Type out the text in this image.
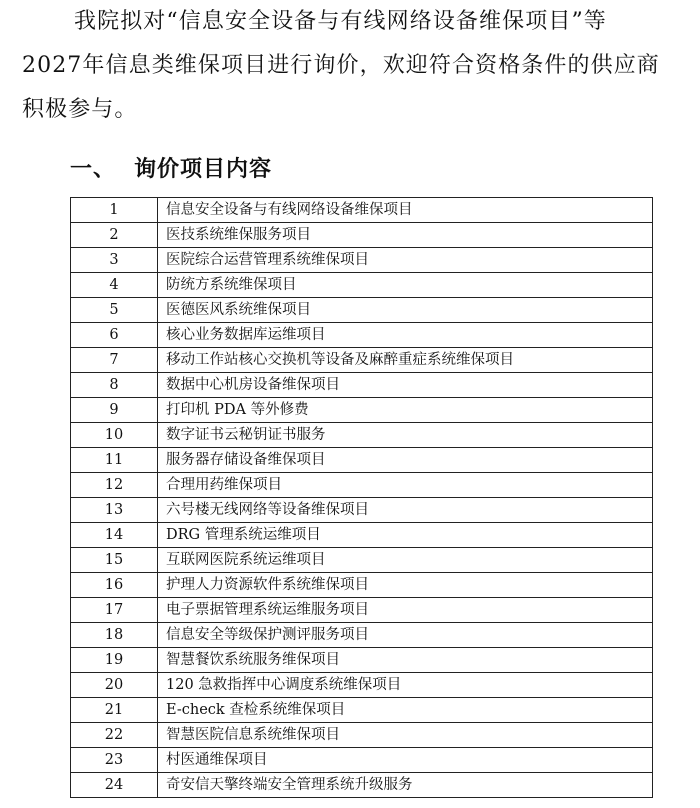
我院拟对“信息安全设备与有线网络设备维保项目”等
2027年信息类维保项目进行询价，欢迎符合资格条件的供应商
积极参与。
一、 询价项目内容
1	信息安全设备与有线网络设备维保项目
2	医技系统维保服务项目
3	医院综合运营管理系统维保项目
4	防统方系统维保项目
5	医德医风系统维保项目
6	核心业务数据库运维项目
7	移动工作站核心交换机等设备及麻醉重症系统维保项目
8	数据中心机房设备维保项目
9	打印机 PDA 等外修费
10	数字证书云秘钥证书服务
11	服务器存储设备维保项目
12	合理用药维保项目
13	六号楼无线网络等设备维保项目
14	DRG 管理系统运维项目
15	互联网医院系统运维项目
16	护理人力资源软件系统维保项目
17	电子票据管理系统运维服务项目
18	信息安全等级保护测评服务项目
19	智慧餐饮系统服务维保项目
20	120 急救指挥中心调度系统维保项目
21	E-check 查检系统维保项目
22	智慧医院信息系统维保项目
23	村医通维保项目
24	奇安信天擎终端安全管理系统升级服务
